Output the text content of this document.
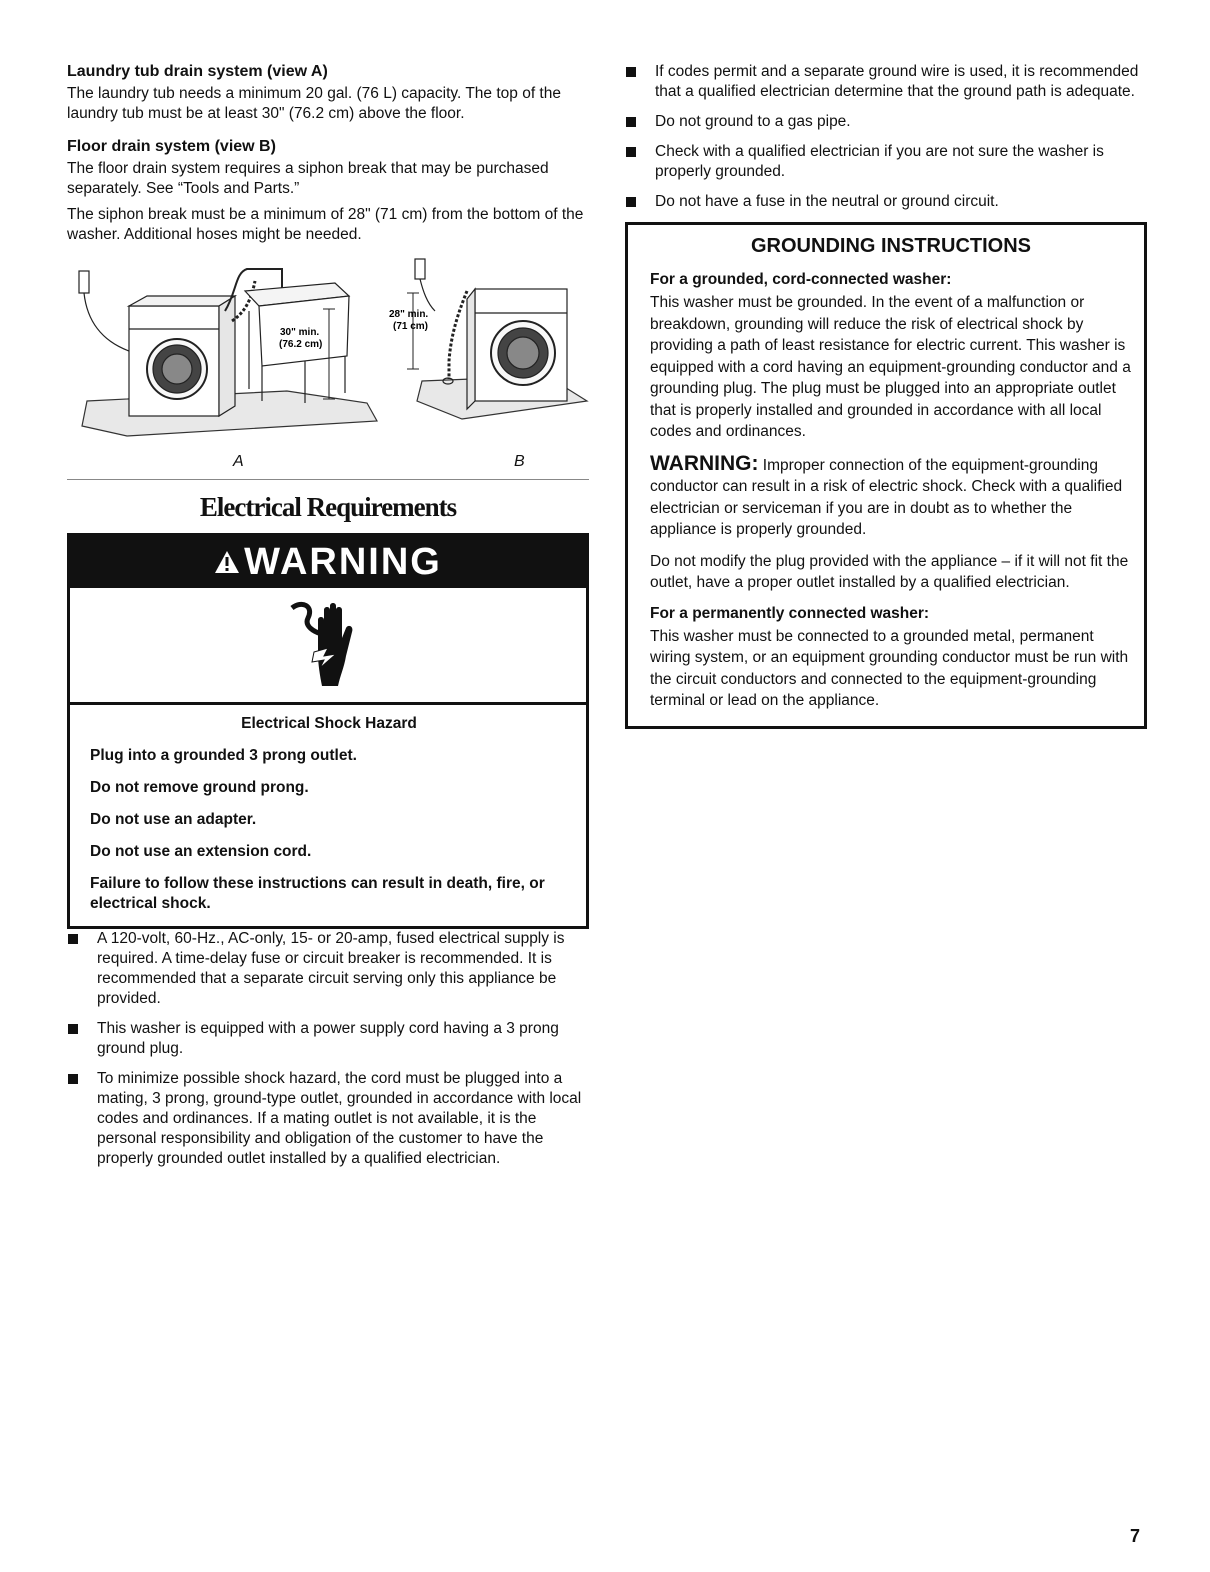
Laundry tub drain system (view A)

The laundry tub needs a minimum 20 gal. (76 L) capacity. The top of the laundry tub must be at least 30" (76.2 cm) above the floor.

Floor drain system (view B)

The floor drain system requires a siphon break that may be purchased separately. See “Tools and Parts.”

The siphon break must be a minimum of 28" (71 cm) from the bottom of the washer. Additional hoses might be needed.

30" min.
(76.2 cm)
28" min.
(71 cm)
A	B
Electrical Requirements
WARNING
Electrical Shock Hazard
Plug into a grounded 3 prong outlet.
Do not remove ground prong.
Do not use an adapter.
Do not use an extension cord.
Failure to follow these instructions can result in death, fire, or electrical shock.
A 120-volt, 60-Hz., AC-only, 15- or 20-amp, fused electrical supply is required. A time-delay fuse or circuit breaker is recommended. It is recommended that a separate circuit serving only this appliance be provided.
This washer is equipped with a power supply cord having a 3 prong ground plug.
To minimize possible shock hazard, the cord must be plugged into a mating, 3 prong, ground-type outlet, grounded in accordance with local codes and ordinances. If a mating outlet is not available, it is the personal responsibility and obligation of the customer to have the properly grounded outlet installed by a qualified electrician.
If codes permit and a separate ground wire is used, it is recommended that a qualified electrician determine that the ground path is adequate.
Do not ground to a gas pipe.
Check with a qualified electrician if you are not sure the washer is properly grounded.
Do not have a fuse in the neutral or ground circuit.
GROUNDING INSTRUCTIONS
For a grounded, cord-connected washer:

This washer must be grounded. In the event of a malfunction or breakdown, grounding will reduce the risk of electrical shock by providing a path of least resistance for electric current. This washer is equipped with a cord having an equipment-grounding conductor and a grounding plug. The plug must be plugged into an appropriate outlet that is properly installed and grounded in accordance with all local codes and ordinances.

WARNING: Improper connection of the equipment-grounding conductor can result in a risk of electric shock. Check with a qualified electrician or serviceman if you are in doubt as to whether the appliance is properly grounded.

Do not modify the plug provided with the appliance – if it will not fit the outlet, have a proper outlet installed by a qualified electrician.

For a permanently connected washer:

This washer must be connected to a grounded metal, permanent wiring system, or an equipment grounding conductor must be run with the circuit conductors and connected to the equipment-grounding terminal or lead on the appliance.

7
